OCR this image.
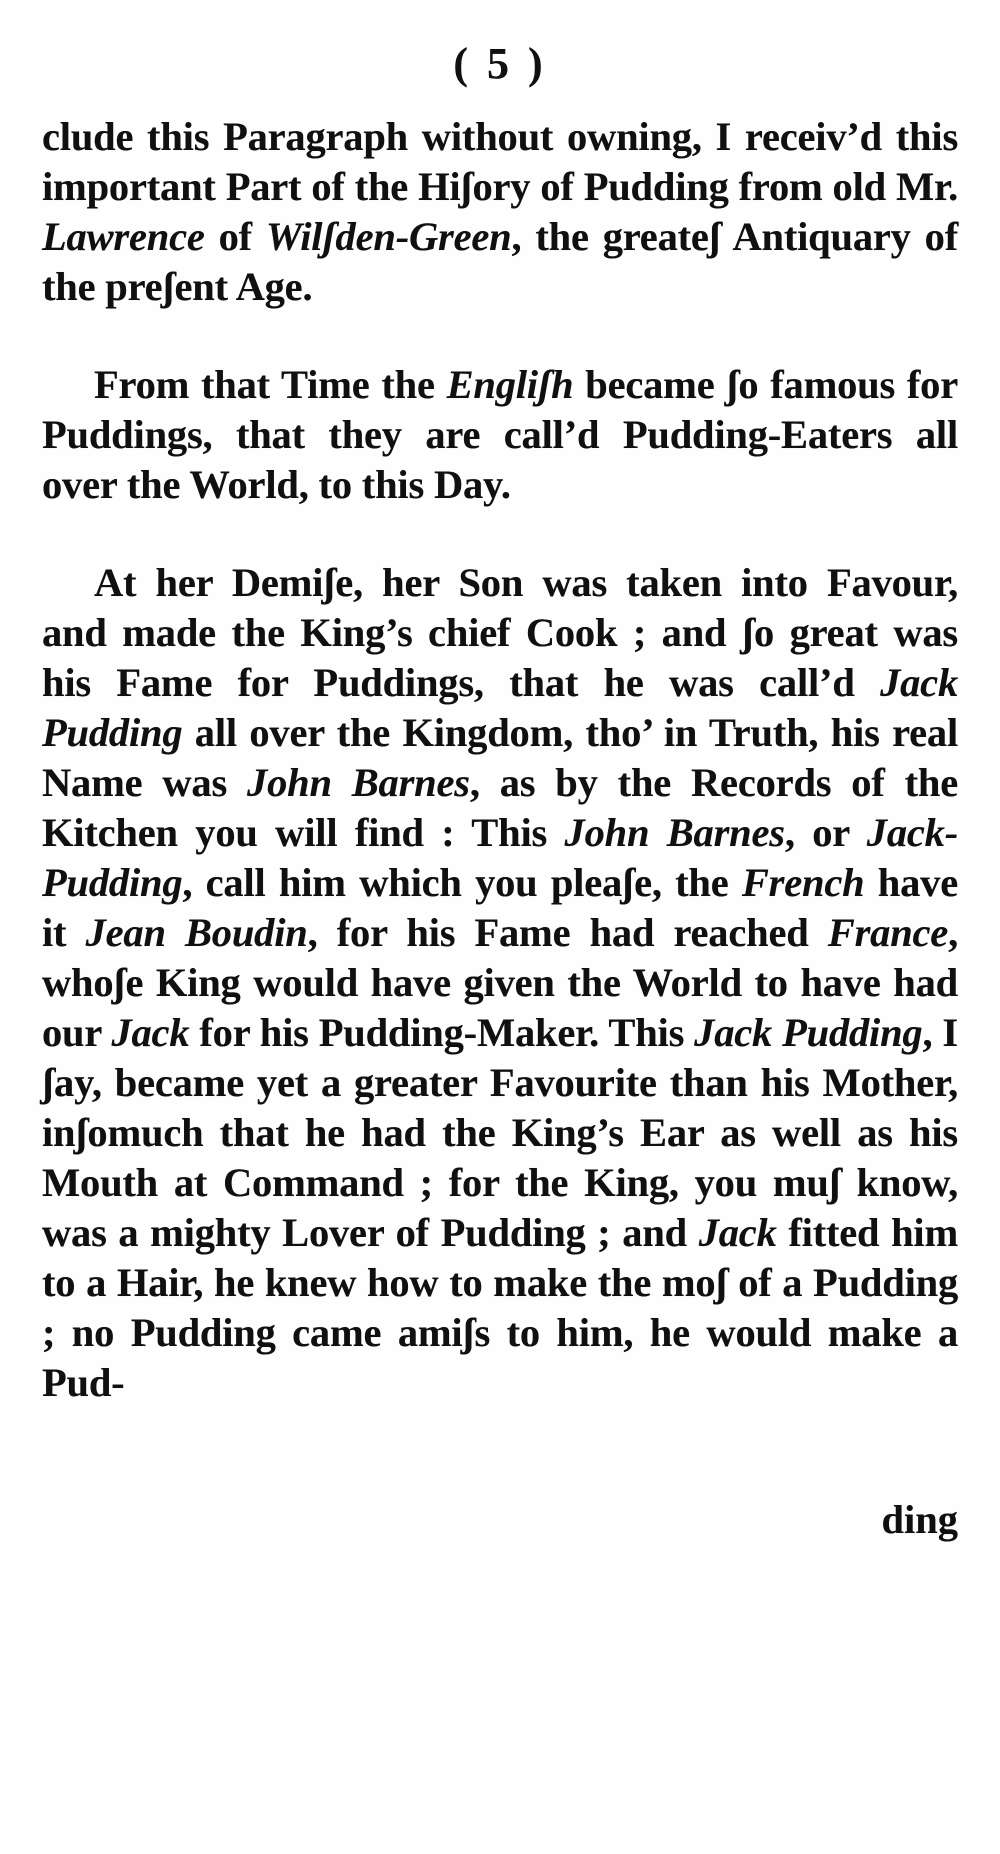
( 5 )

clude this Paragraph without owning, I receiv’d this important Part of the Hiʃory of Pudding from old Mr. Lawrence of Wilʃden-Green, the greateʃ Antiquary of the preʃent Age.

From that Time the Engliʃh became ʃo famous for Puddings, that they are call’d Pudding-Eaters all over the World, to this Day.

At her Demiʃe, her Son was taken into Favour, and made the King’s chief Cook ; and ʃo great was his Fame for Puddings, that he was call’d Jack Pudding all over the Kingdom, tho’ in Truth, his real Name was John Barnes, as by the Records of the Kitchen you will find : This John Barnes, or Jack-Pudding, call him which you pleaʃe, the French have it Jean Boudin, for his Fame had reached France, whoʃe King would have given the World to have had our Jack for his Pudding-Maker. This Jack Pudding, I ʃay, became yet a greater Favourite than his Mother, inʃomuch that he had the King’s Ear as well as his Mouth at Command ; for the King, you muʃ know, was a mighty Lover of Pudding ; and Jack fitted him to a Hair, he knew how to make the moʃ of a Pudding ; no Pudding came amiʃs to him, he would make a Pud-

ding
